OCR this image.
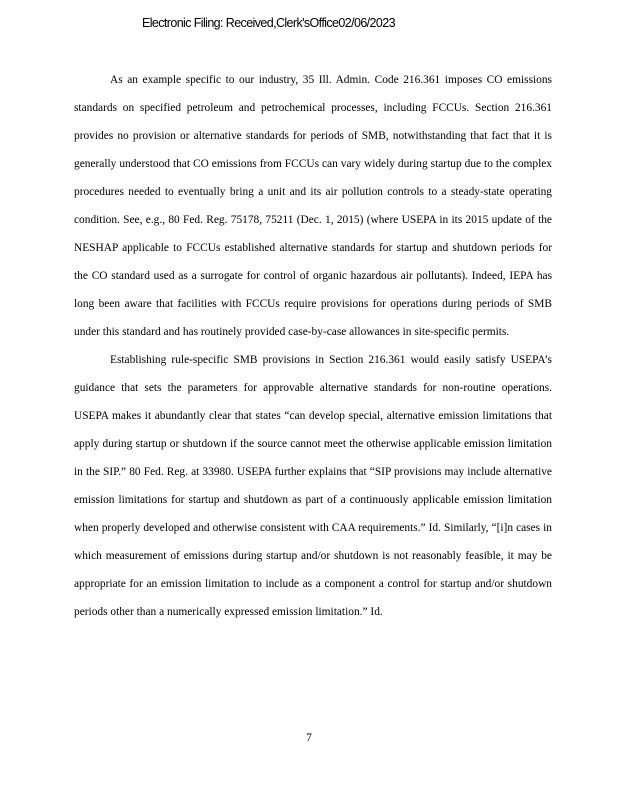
Electronic Filing: Received,Clerk'sOffice02/06/2023

As an example specific to our industry, 35 Ill. Admin. Code 216.361 imposes CO emissions standards on specified petroleum and petrochemical processes, including FCCUs. Section 216.361 provides no provision or alternative standards for periods of SMB, notwithstanding that fact that it is generally understood that CO emissions from FCCUs can vary widely during startup due to the complex procedures needed to eventually bring a unit and its air pollution controls to a steady-state operating condition. See, e.g., 80 Fed. Reg. 75178, 75211 (Dec. 1, 2015) (where USEPA in its 2015 update of the NESHAP applicable to FCCUs established alternative standards for startup and shutdown periods for the CO standard used as a surrogate for control of organic hazardous air pollutants). Indeed, IEPA has long been aware that facilities with FCCUs require provisions for operations during periods of SMB under this standard and has routinely provided case-by-case allowances in site-specific permits.

Establishing rule-specific SMB provisions in Section 216.361 would easily satisfy USEPA’s guidance that sets the parameters for approvable alternative standards for non-routine operations. USEPA makes it abundantly clear that states “can develop special, alternative emission limitations that apply during startup or shutdown if the source cannot meet the otherwise applicable emission limitation in the SIP.” 80 Fed. Reg. at 33980. USEPA further explains that “SIP provisions may include alternative emission limitations for startup and shutdown as part of a continuously applicable emission limitation when properly developed and otherwise consistent with CAA requirements.” Id. Similarly, “[i]n cases in which measurement of emissions during startup and/or shutdown is not reasonably feasible, it may be appropriate for an emission limitation to include as a component a control for startup and/or shutdown periods other than a numerically expressed emission limitation.” Id.

7
